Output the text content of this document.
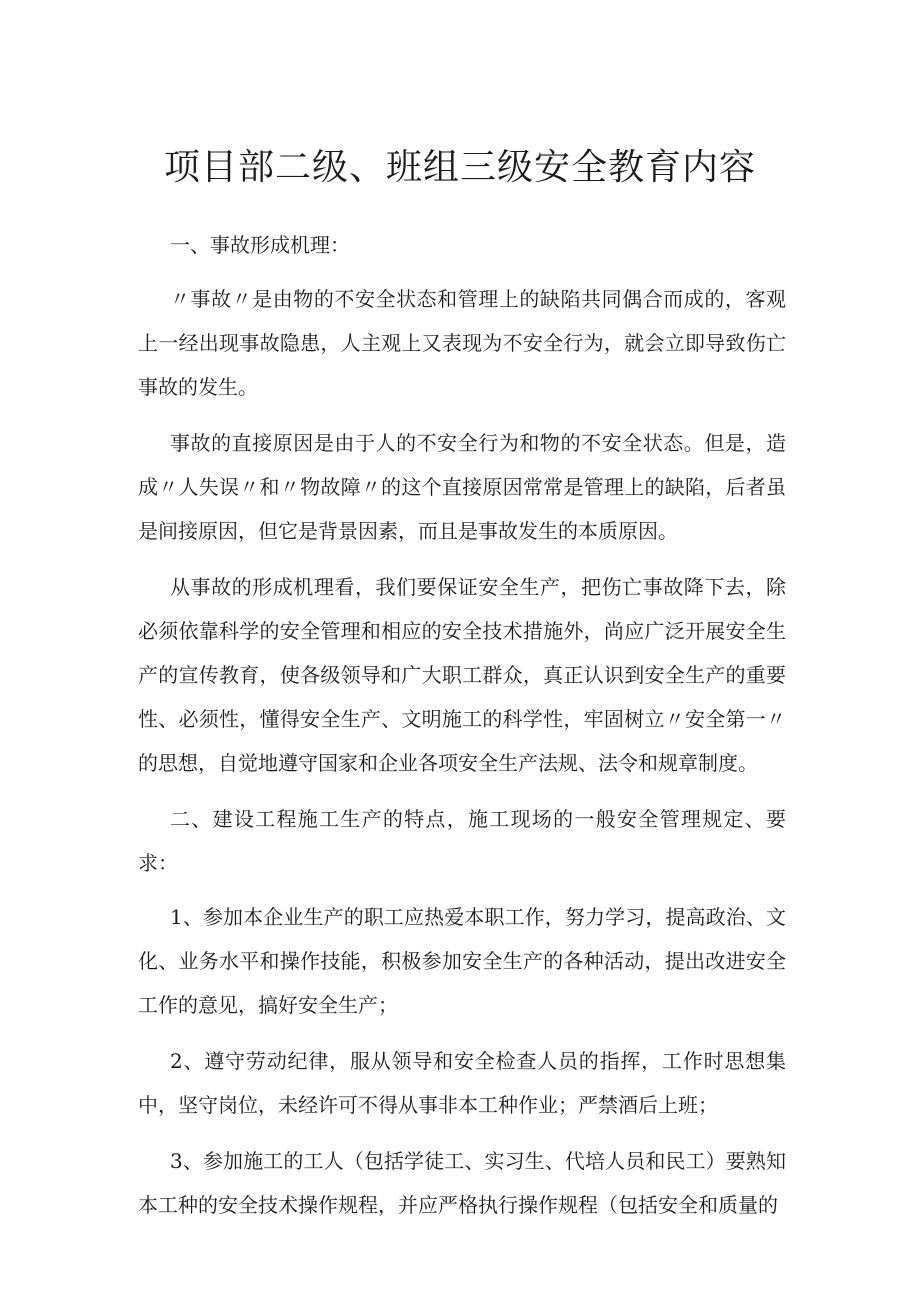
项目部二级、班组三级安全教育内容

一、事故形成机理：

〃事故〃是由物的不安全状态和管理上的缺陷共同偶合而成的，客观上一经出现事故隐患，人主观上又表现为不安全行为，就会立即导致伤亡事故的发生。

事故的直接原因是由于人的不安全行为和物的不安全状态。但是，造成〃人失误〃和〃物故障〃的这个直接原因常常是管理上的缺陷，后者虽是间接原因，但它是背景因素，而且是事故发生的本质原因。

从事故的形成机理看，我们要保证安全生产，把伤亡事故降下去，除必须依靠科学的安全管理和相应的安全技术措施外，尚应广泛开展安全生产的宣传教育，使各级领导和广大职工群众，真正认识到安全生产的重要性、必须性，懂得安全生产、文明施工的科学性，牢固树立〃安全第一〃的思想，自觉地遵守国家和企业各项安全生产法规、法令和规章制度。

二、建设工程施工生产的特点，施工现场的一般安全管理规定、要求：

1、参加本企业生产的职工应热爱本职工作，努力学习，提高政治、文化、业务水平和操作技能，积极参加安全生产的各种活动，提出改进安全工作的意见，搞好安全生产；

2、遵守劳动纪律，服从领导和安全检查人员的指挥，工作时思想集中，坚守岗位，未经许可不得从事非本工种作业；严禁酒后上班；

3、参加施工的工人（包括学徒工、实习生、代培人员和民工）要熟知本工种的安全技术操作规程，并应严格执行操作规程（包括安全和质量的
